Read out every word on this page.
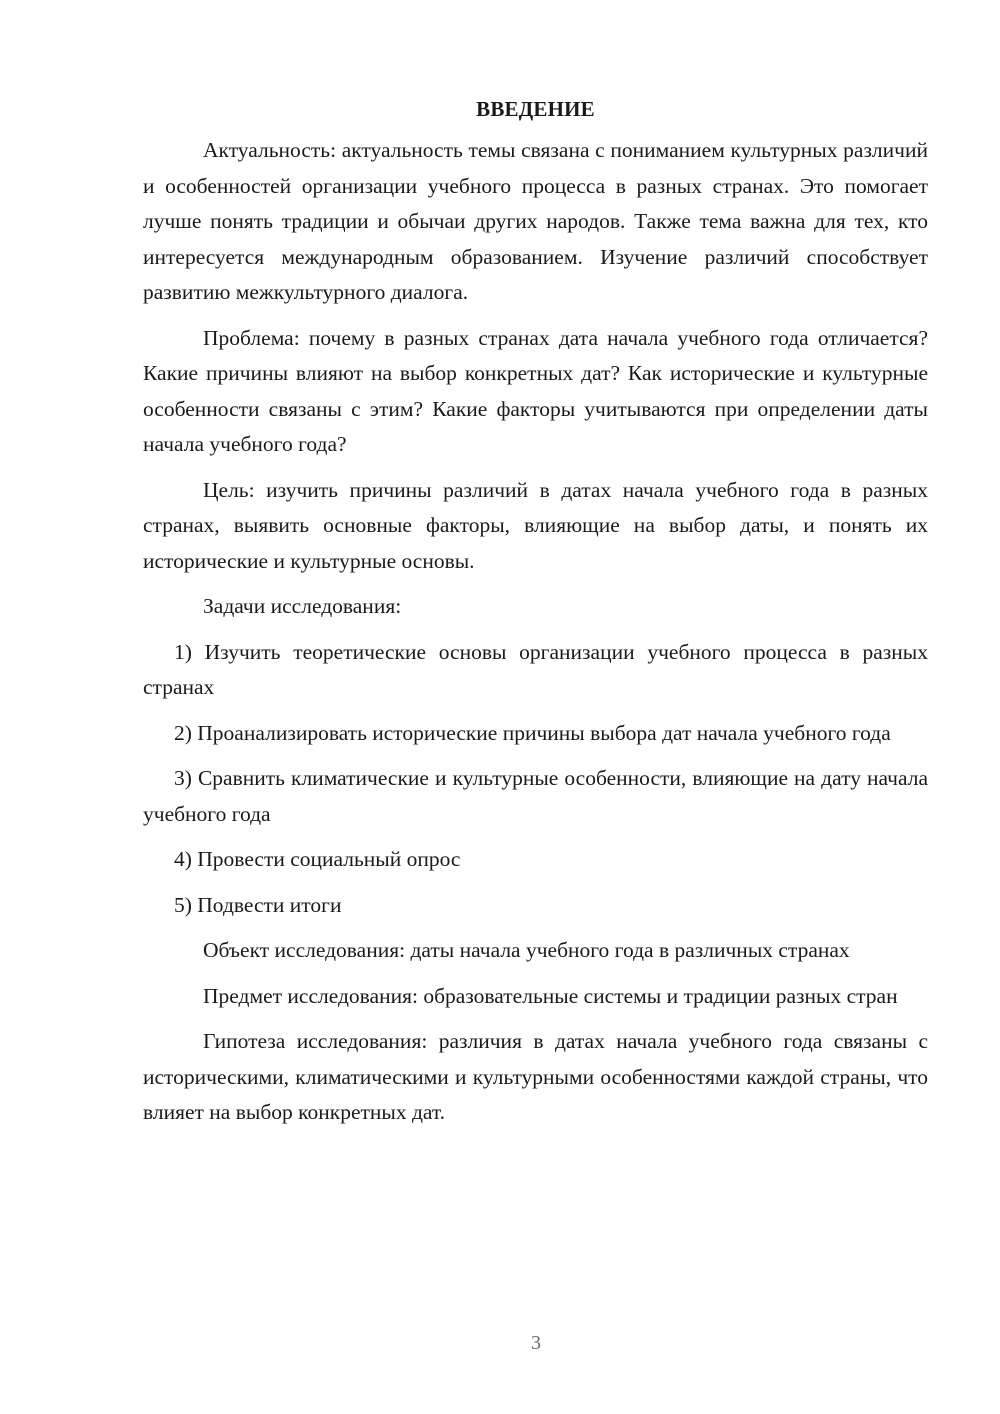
ВВЕДЕНИЕ

Актуальность: актуальность темы связана с пониманием культурных различий и особенностей организации учебного процесса в разных странах. Это помогает лучше понять традиции и обычаи других народов. Также тема важна для тех, кто интересуется международным образованием. Изучение различий способствует развитию межкультурного диалога.

Проблема: почему в разных странах дата начала учебного года отличается? Какие причины влияют на выбор конкретных дат? Как исторические и культурные особенности связаны с этим? Какие факторы учитываются при определении даты начала учебного года?

Цель: изучить причины различий в датах начала учебного года в разных странах, выявить основные факторы, влияющие на выбор даты, и понять их исторические и культурные основы.

Задачи исследования:

1) Изучить теоретические основы организации учебного процесса в разных странах

2) Проанализировать исторические причины выбора дат начала учебного года

3) Сравнить климатические и культурные особенности, влияющие на дату начала учебного года

4) Провести социальный опрос

5) Подвести итоги

Объект исследования: даты начала учебного года в различных странах

Предмет исследования: образовательные системы и традиции разных стран

Гипотеза исследования: различия в датах начала учебного года связаны с историческими, климатическими и культурными особенностями каждой страны, что влияет на выбор конкретных дат.

3
